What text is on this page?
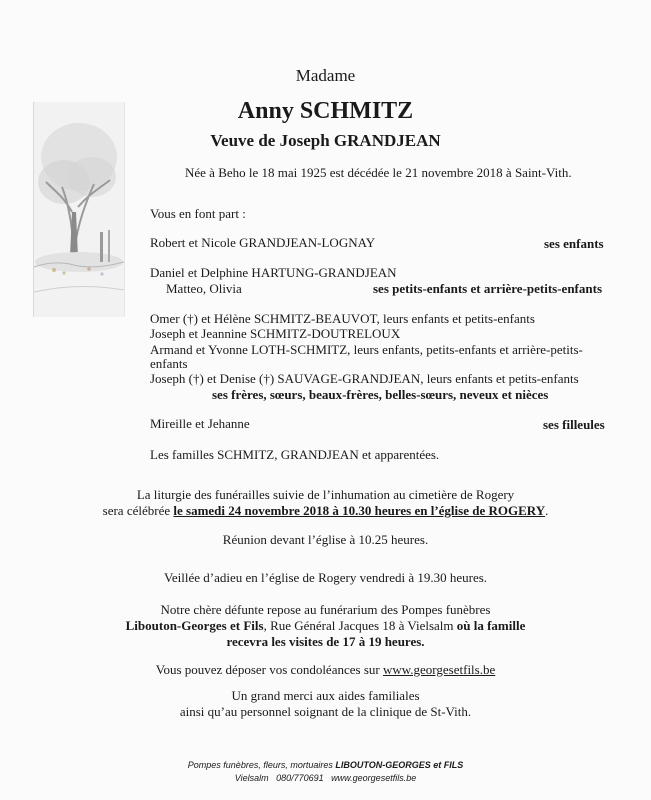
Madame
Anny SCHMITZ
Veuve de Joseph GRANDJEAN
Née à Beho le 18 mai 1925 est décédée le 21 novembre 2018 à Saint-Vith.
Vous en font part :
Robert et Nicole GRANDJEAN-LOGNAY	ses enfants
Daniel et Delphine HARTUNG-GRANDJEAN
Matteo, Olivia	ses petits-enfants et arrière-petits-enfants
Omer (†) et Hélène SCHMITZ-BEAUVOT, leurs enfants et petits-enfants
Joseph et Jeannine SCHMITZ-DOUTRELOUX
Armand et Yvonne LOTH-SCHMITZ, leurs enfants, petits-enfants et arrière-petits-
enfants
Joseph (†) et Denise (†) SAUVAGE-GRANDJEAN, leurs enfants et petits-enfants
ses frères, sœurs, beaux-frères, belles-sœurs, neveux et nièces
Mireille et Jehanne	ses filleules
Les familles SCHMITZ, GRANDJEAN et apparentées.
La liturgie des funérailles suivie de l’inhumation au cimetière de Rogery
sera célébrée le samedi 24 novembre 2018 à 10.30 heures en l’église de ROGERY.
Réunion devant l’église à 10.25 heures.
Veillée d’adieu en l’église de Rogery vendredi à 19.30 heures.
Notre chère défunte repose au funérarium des Pompes funèbres
Libouton-Georges et Fils, Rue Général Jacques 18 à Vielsalm où la famille
recevra les visites de 17 à 19 heures.
Vous pouvez déposer vos condoléances sur www.georgesetfils.be
Un grand merci aux aides familiales
ainsi qu’au personnel soignant de la clinique de St-Vith.
Pompes funèbres, fleurs, mortuaires LIBOUTON-GEORGES et FILS
Vielsalm   080/770691   www.georgesetfils.be
